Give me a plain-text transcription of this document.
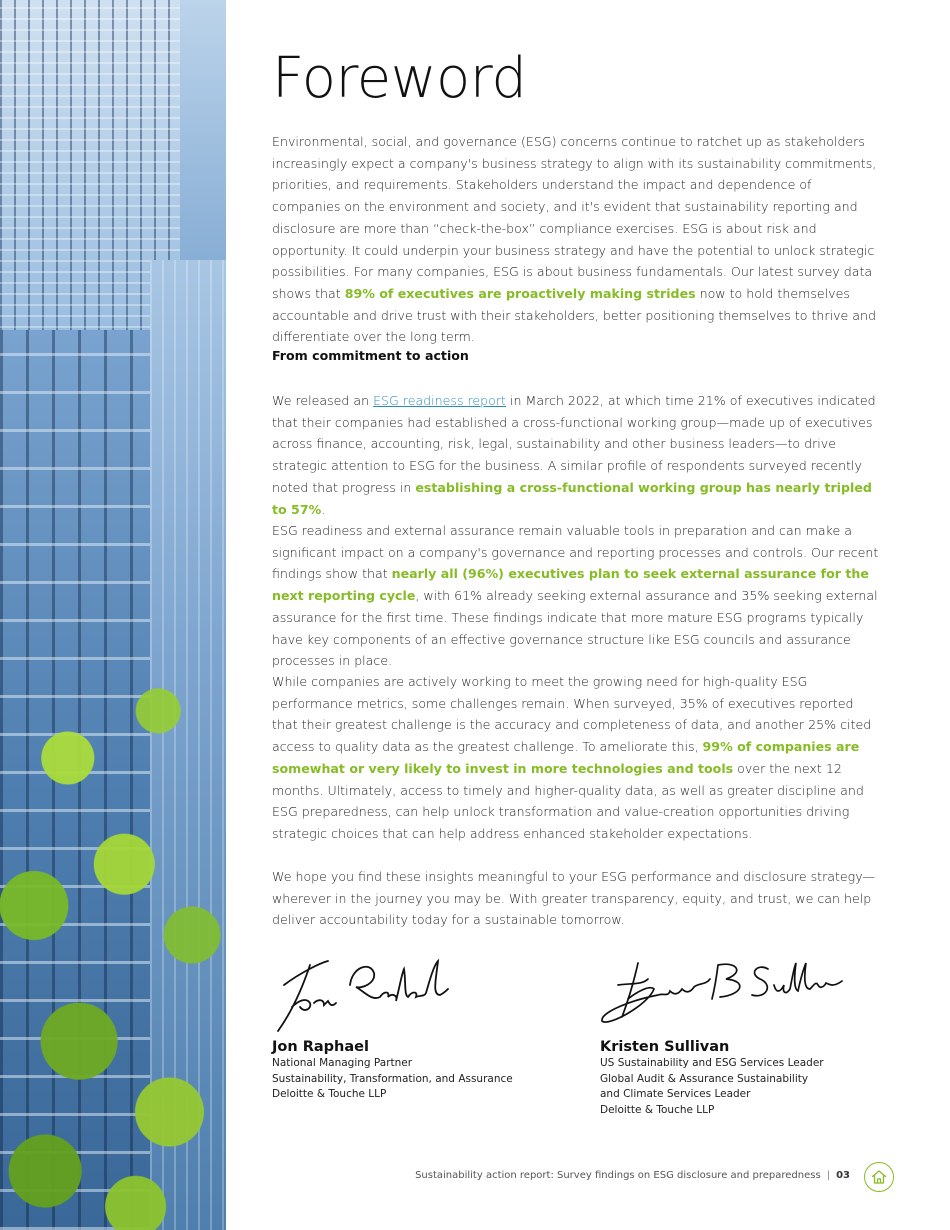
Foreword

Environmental, social, and governance (ESG) concerns continue to ratchet up as stakeholders increasingly expect a company's business strategy to align with its sustainability commitments, priorities, and requirements. Stakeholders understand the impact and dependence of companies on the environment and society, and it's evident that sustainability reporting and disclosure are more than “check-the-box” compliance exercises. ESG is about risk and opportunity. It could underpin your business strategy and have the potential to unlock strategic possibilities. For many companies, ESG is about business fundamentals. Our latest survey data shows that 89% of executives are proactively making strides now to hold themselves accountable and drive trust with their stakeholders, better positioning themselves to thrive and differentiate over the long term.

From commitment to action

We released an ESG readiness report in March 2022, at which time 21% of executives indicated that their companies had established a cross-functional working group—made up of executives across finance, accounting, risk, legal, sustainability and other business leaders—to drive strategic attention to ESG for the business. A similar profile of respondents surveyed recently noted that progress in establishing a cross-functional working group has nearly tripled to 57%.

ESG readiness and external assurance remain valuable tools in preparation and can make a significant impact on a company's governance and reporting processes and controls. Our recent findings show that nearly all (96%) executives plan to seek external assurance for the next reporting cycle, with 61% already seeking external assurance and 35% seeking external assurance for the first time. These findings indicate that more mature ESG programs typically have key components of an effective governance structure like ESG councils and assurance processes in place.

While companies are actively working to meet the growing need for high-quality ESG performance metrics, some challenges remain. When surveyed, 35% of executives reported that their greatest challenge is the accuracy and completeness of data, and another 25% cited access to quality data as the greatest challenge. To ameliorate this, 99% of companies are somewhat or very likely to invest in more technologies and tools over the next 12 months. Ultimately, access to timely and higher-quality data, as well as greater discipline and ESG preparedness, can help unlock transformation and value-creation opportunities driving strategic choices that can help address enhanced stakeholder expectations.

We hope you find these insights meaningful to your ESG performance and disclosure strategy—wherever in the journey you may be. With greater transparency, equity, and trust, we can help deliver accountability today for a sustainable tomorrow.

Jon Raphael
National Managing Partner
Sustainability, Transformation, and Assurance
Deloitte & Touche LLP
Kristen Sullivan
US Sustainability and ESG Services Leader
Global Audit & Assurance Sustainability
and Climate Services Leader
Deloitte & Touche LLP
Sustainability action report: Survey findings on ESG disclosure and preparedness | 03
